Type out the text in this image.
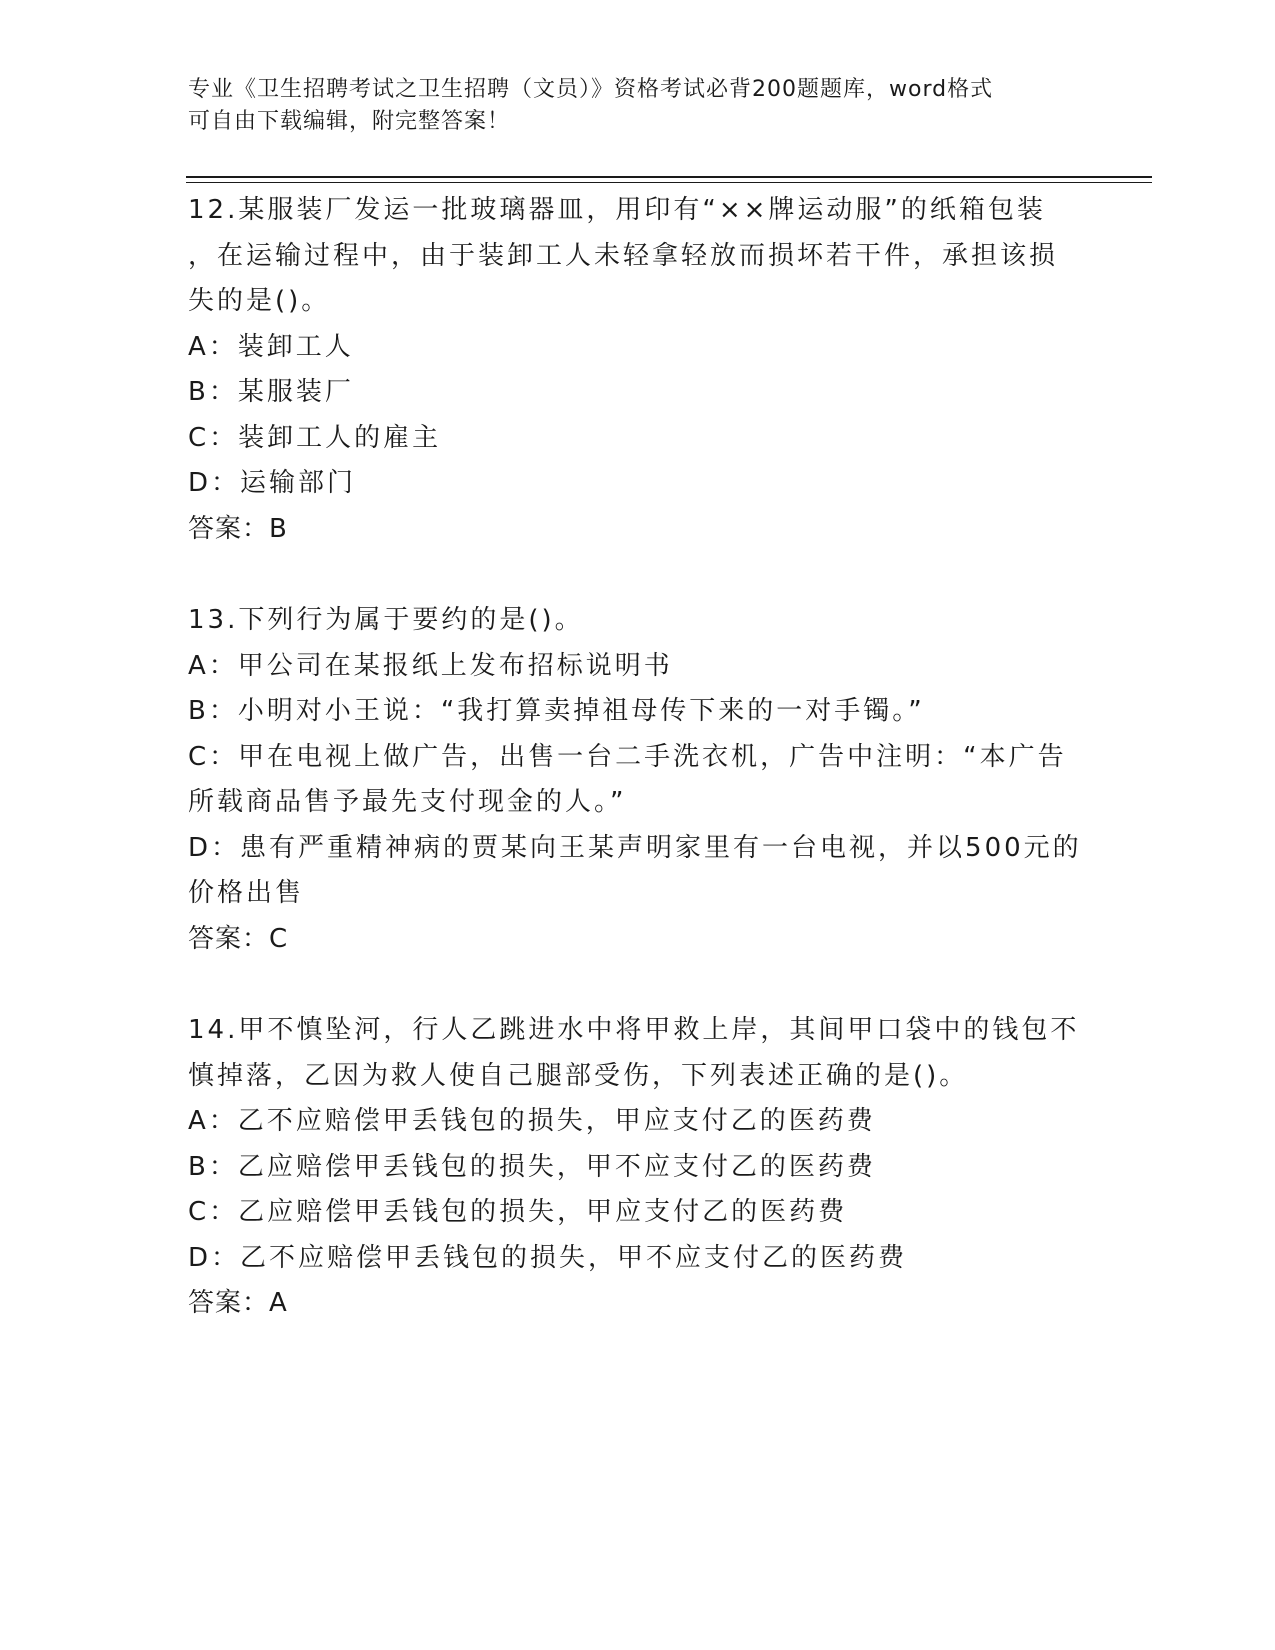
专业《卫生招聘考试之卫生招聘（文员）》资格考试必背200题题库，word格式
可自由下载编辑，附完整答案！
12.某服装厂发运一批玻璃器皿，用印有“××牌运动服”的纸箱包装
，在运输过程中，由于装卸工人未轻拿轻放而损坏若干件，承担该损
失的是()。
A：装卸工人
B：某服装厂
C：装卸工人的雇主
D：运输部门
答案：B
13.下列行为属于要约的是()。
A：甲公司在某报纸上发布招标说明书
B：小明对小王说：“我打算卖掉祖母传下来的一对手镯。”
C：甲在电视上做广告，出售一台二手洗衣机，广告中注明：“本广告
所载商品售予最先支付现金的人。”
D：患有严重精神病的贾某向王某声明家里有一台电视，并以500元的
价格出售
答案：C
14.甲不慎坠河，行人乙跳进水中将甲救上岸，其间甲口袋中的钱包不
慎掉落，乙因为救人使自己腿部受伤，下列表述正确的是()。
A：乙不应赔偿甲丢钱包的损失，甲应支付乙的医药费
B：乙应赔偿甲丢钱包的损失，甲不应支付乙的医药费
C：乙应赔偿甲丢钱包的损失，甲应支付乙的医药费
D：乙不应赔偿甲丢钱包的损失，甲不应支付乙的医药费
答案：A
